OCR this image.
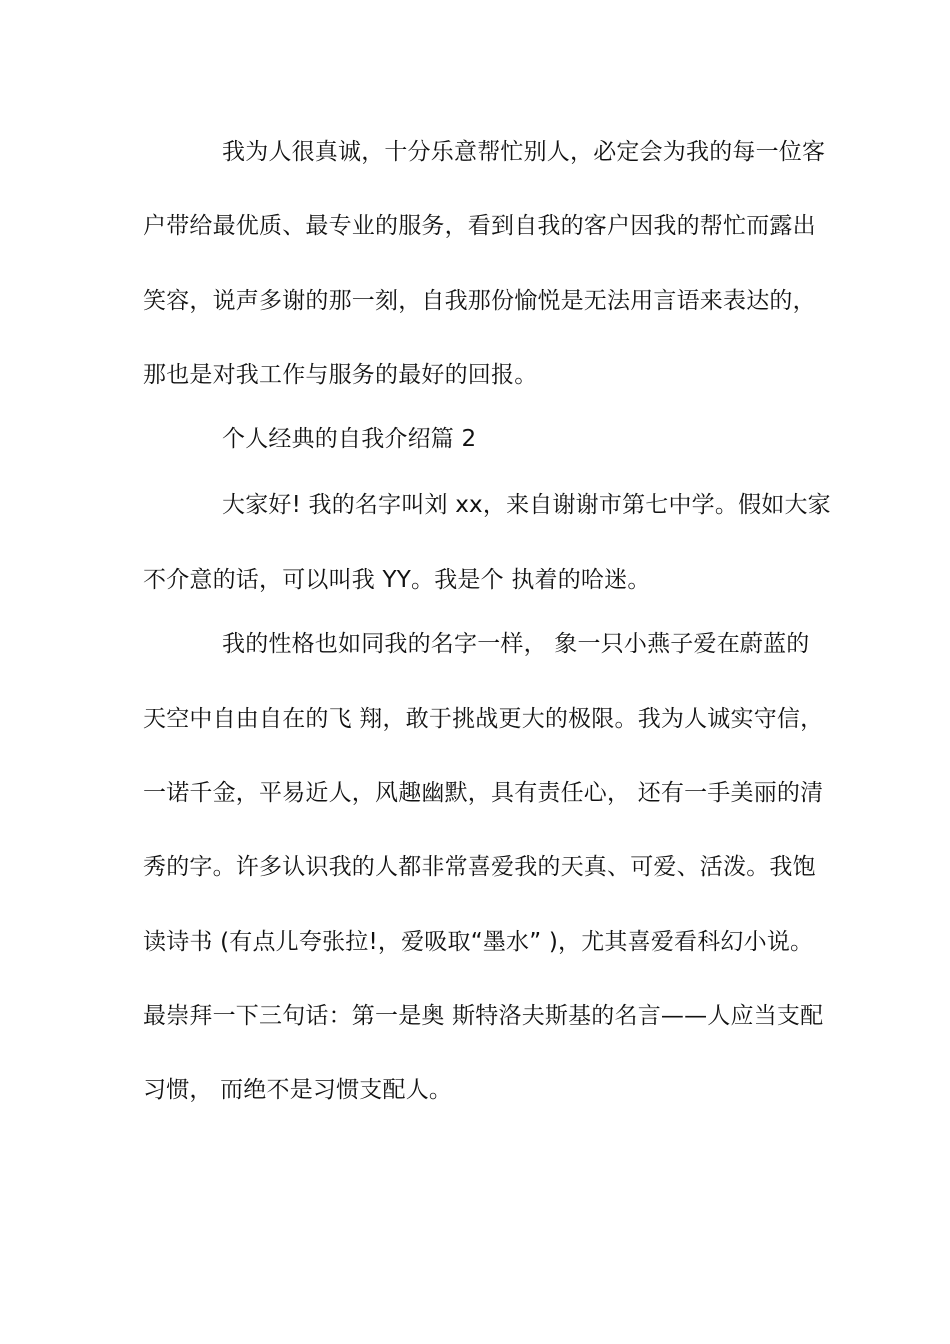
我为人很真诚，十分乐意帮忙别人，必定会为我的每一位客
户带给最优质、最专业的服务，看到自我的客户因我的帮忙而露出
笑容，说声多谢的那一刻，自我那份愉悦是无法用言语来表达的，
那也是对我工作与服务的最好的回报。
个人经典的自我介绍篇 2
大家好! 我的名字叫刘 xx，来自谢谢市第七中学。假如大家
不介意的话，可以叫我 YY。我是个 执着的哈迷。
我的性格也如同我的名字一样， 象一只小燕子爱在蔚蓝的
天空中自由自在的飞 翔，敢于挑战更大的极限。我为人诚实守信，
一诺千金，平易近人，风趣幽默，具有责任心， 还有一手美丽的清
秀的字。许多认识我的人都非常喜爱我的天真、可爱、活泼。我饱
读诗书 (有点儿夸张拉!，爱吸取“墨水” )，尤其喜爱看科幻小说。
最崇拜一下三句话：第一是奥 斯特洛夫斯基的名言——人应当支配
习惯， 而绝不是习惯支配人。
